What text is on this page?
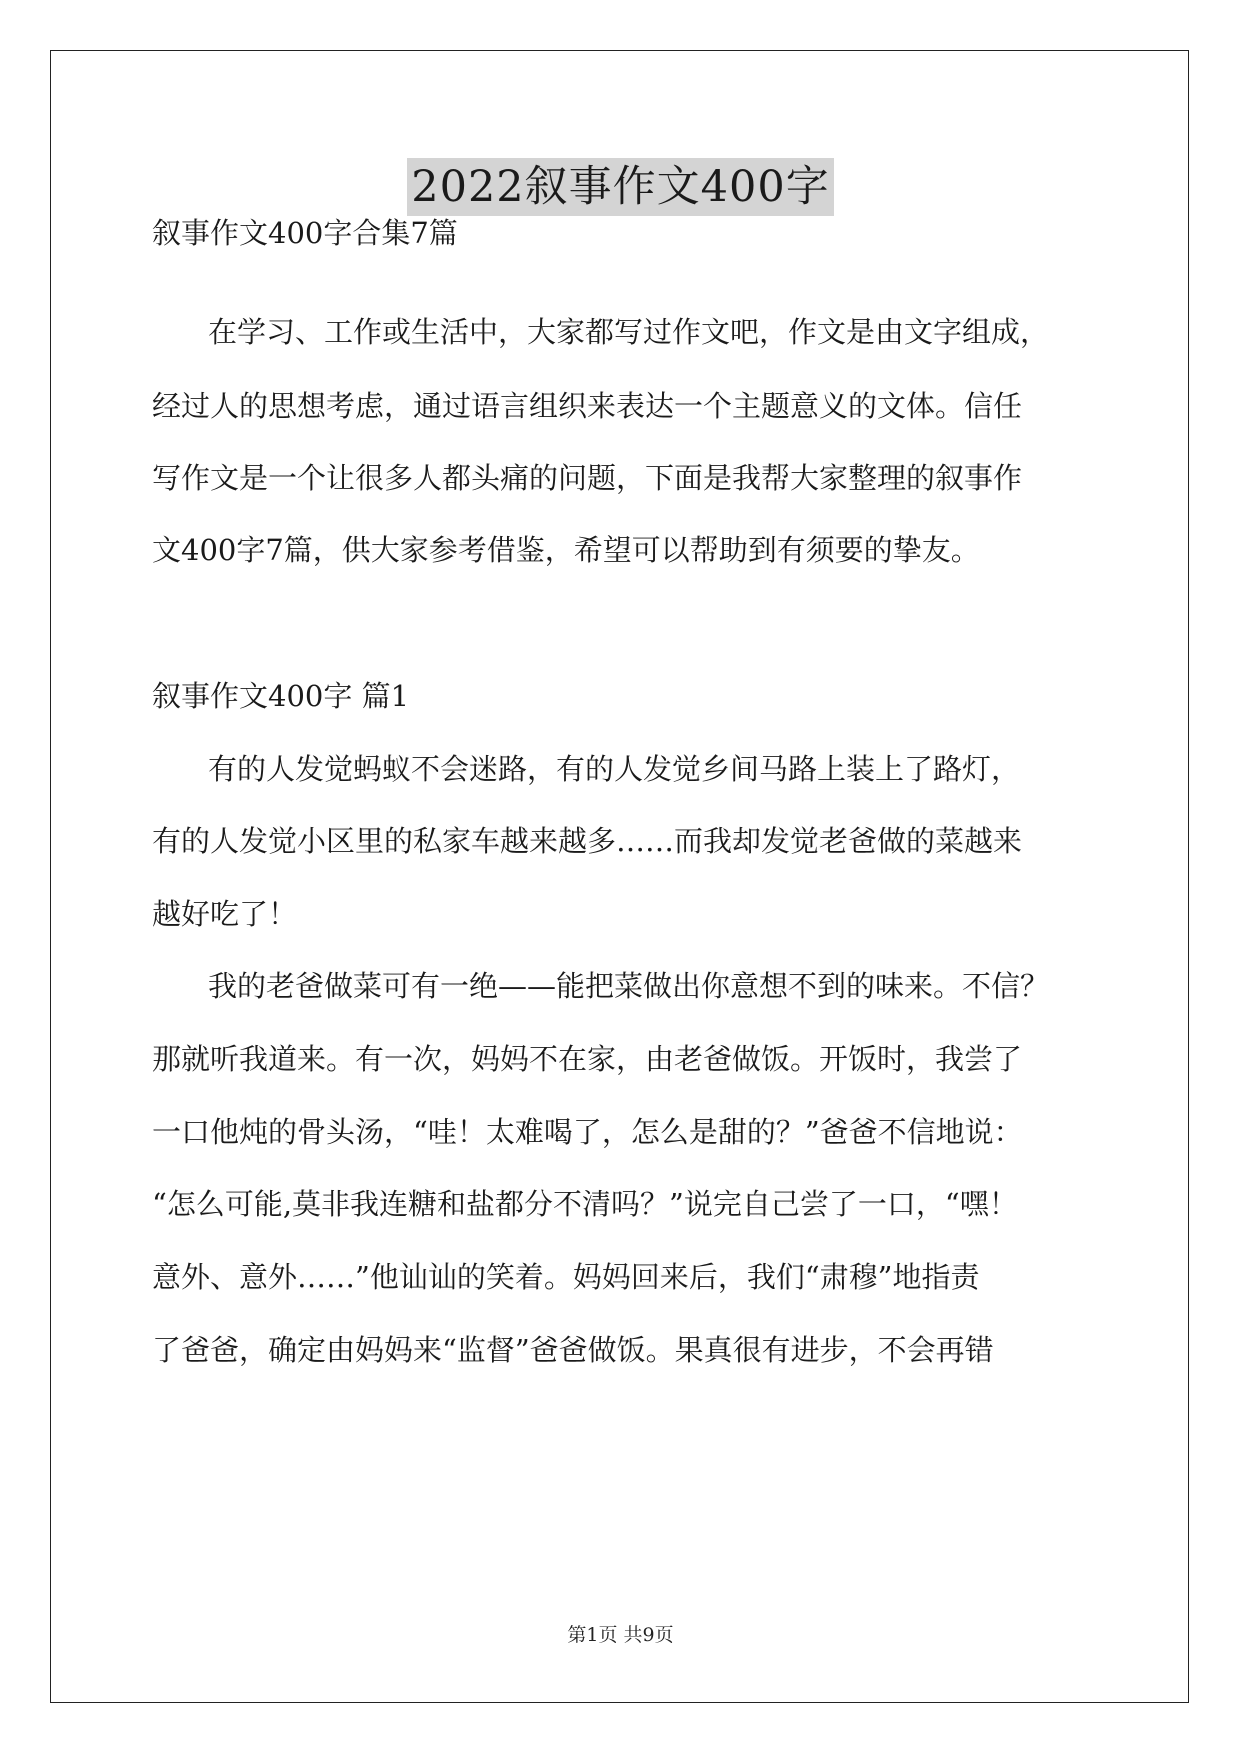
2022叙事作文400字
叙事作文400字合集7篇
在学习、工作或生活中，大家都写过作文吧，作文是由文字组成，
经过人的思想考虑，通过语言组织来表达一个主题意义的文体。信任
写作文是一个让很多人都头痛的问题，下面是我帮大家整理的叙事作
文400字7篇，供大家参考借鉴，希望可以帮助到有须要的挚友。
叙事作文400字 篇1
有的人发觉蚂蚁不会迷路，有的人发觉乡间马路上装上了路灯，
有的人发觉小区里的私家车越来越多……而我却发觉老爸做的菜越来
越好吃了！
我的老爸做菜可有一绝——能把菜做出你意想不到的味来。不信？
那就听我道来。有一次，妈妈不在家，由老爸做饭。开饭时，我尝了
一口他炖的骨头汤，“哇！太难喝了，怎么是甜的？”爸爸不信地说：
“怎么可能,莫非我连糖和盐都分不清吗？”说完自己尝了一口，“嘿！
意外、意外……”他讪讪的笑着。妈妈回来后，我们“肃穆”地指责
了爸爸，确定由妈妈来“监督”爸爸做饭。果真很有进步，不会再错
第1页 共9页
